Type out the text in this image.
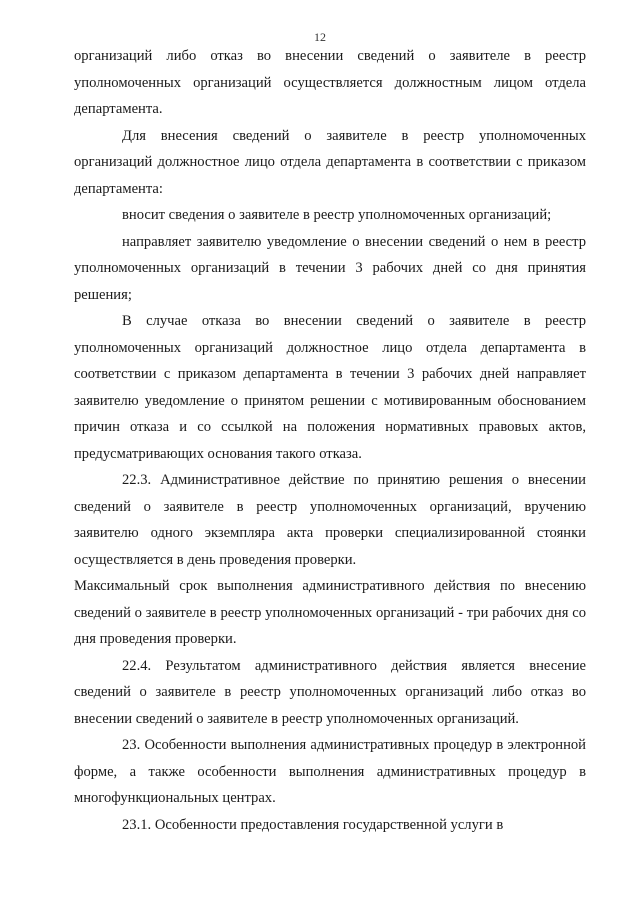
12

организаций либо отказ во внесении сведений о заявителе в реестр уполномоченных организаций осуществляется должностным лицом отдела департамента.

Для внесения сведений о заявителе в реестр уполномоченных организаций должностное лицо отдела департамента в соответствии с приказом департамента:

вносит сведения о заявителе в реестр уполномоченных организаций;

направляет заявителю уведомление о внесении сведений о нем в реестр уполномоченных организаций в течении 3 рабочих дней со дня принятия решения;

В случае отказа во внесении сведений о заявителе в реестр уполномоченных организаций должностное лицо отдела департамента в соответствии с приказом департамента в течении 3 рабочих дней направляет заявителю уведомление о принятом решении с мотивированным обоснованием причин отказа и со ссылкой на положения нормативных правовых актов, предусматривающих основания такого отказа.

22.3. Административное действие по принятию решения о внесении сведений о заявителе в реестр уполномоченных организаций, вручению заявителю одного экземпляра акта проверки специализированной стоянки осуществляется в день проведения проверки.

Максимальный срок выполнения административного действия по внесению сведений о заявителе в реестр уполномоченных организаций - три рабочих дня со дня проведения проверки.

22.4. Результатом административного действия является внесение сведений о заявителе в реестр уполномоченных организаций либо отказ во внесении сведений о заявителе в реестр уполномоченных организаций.

23. Особенности выполнения административных процедур в электронной форме, а также особенности выполнения административных процедур в многофункциональных центрах.

23.1. Особенности предоставления государственной услуги в
